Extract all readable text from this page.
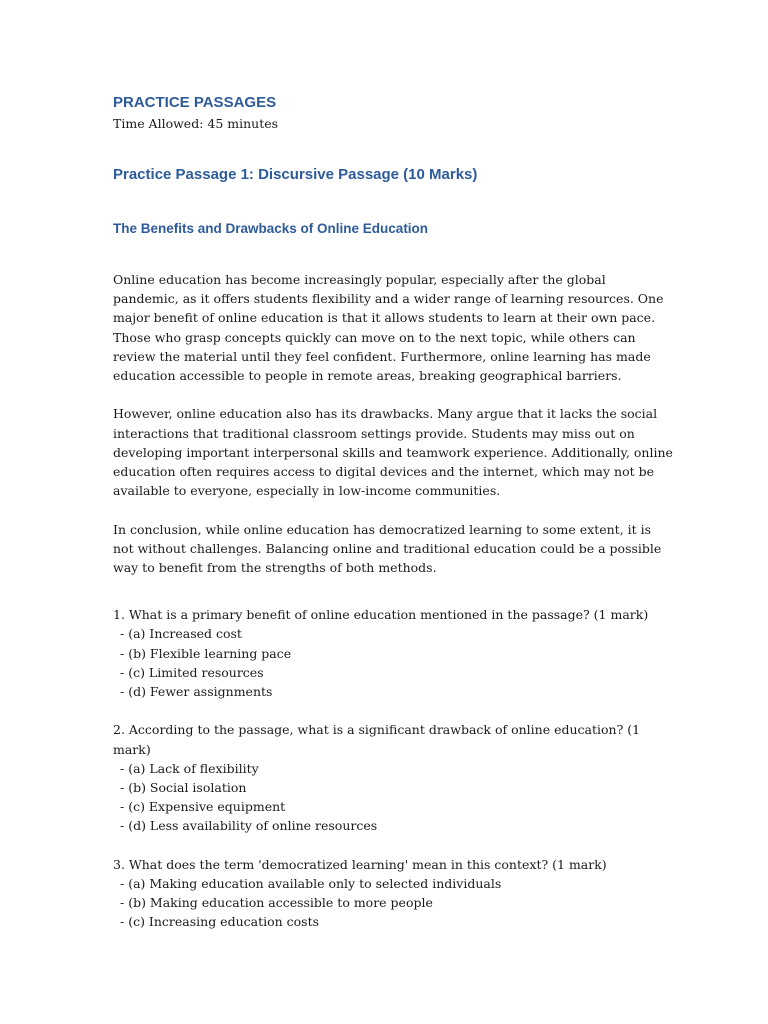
PRACTICE PASSAGES

Time Allowed: 45 minutes

Practice Passage 1: Discursive Passage (10 Marks)
The Benefits and Drawbacks of Online Education

Online education has become increasingly popular, especially after the global pandemic, as it offers students flexibility and a wider range of learning resources. One major benefit of online education is that it allows students to learn at their own pace. Those who grasp concepts quickly can move on to the next topic, while others can review the material until they feel confident. Furthermore, online learning has made education accessible to people in remote areas, breaking geographical barriers.

However, online education also has its drawbacks. Many argue that it lacks the social interactions that traditional classroom settings provide. Students may miss out on developing important interpersonal skills and teamwork experience. Additionally, online education often requires access to digital devices and the internet, which may not be available to everyone, especially in low-income communities.

In conclusion, while online education has democratized learning to some extent, it is not without challenges. Balancing online and traditional education could be a possible way to benefit from the strengths of both methods.

1. What is a primary benefit of online education mentioned in the passage? (1 mark)

- (a) Increased cost

- (b) Flexible learning pace

- (c) Limited resources

- (d) Fewer assignments

2. According to the passage, what is a significant drawback of online education? (1 mark)

- (a) Lack of flexibility

- (b) Social isolation

- (c) Expensive equipment

- (d) Less availability of online resources

3. What does the term 'democratized learning' mean in this context? (1 mark)

- (a) Making education available only to selected individuals

- (b) Making education accessible to more people

- (c) Increasing education costs
